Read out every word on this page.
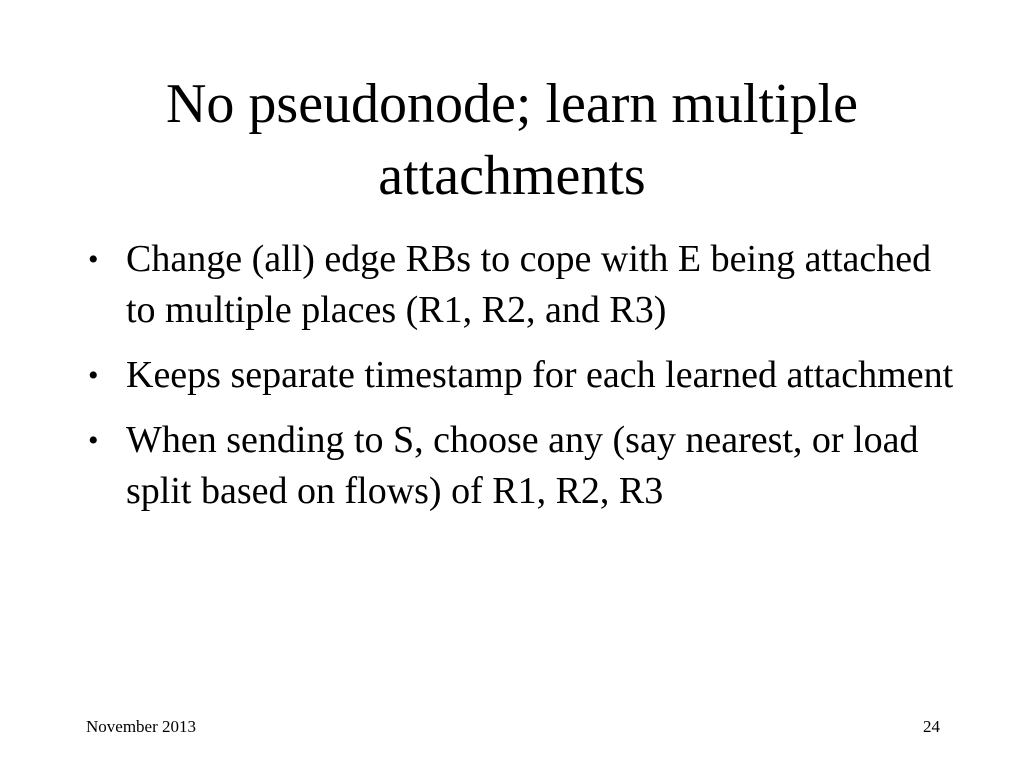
No pseudonode; learn multiple attachments
• Change (all) edge RBs to cope with E being attached to multiple places (R1, R2, and R3)
• Keeps separate timestamp for each learned attachment
• When sending to S, choose any (say nearest, or load split based on flows) of R1, R2, R3
November 2013	24
